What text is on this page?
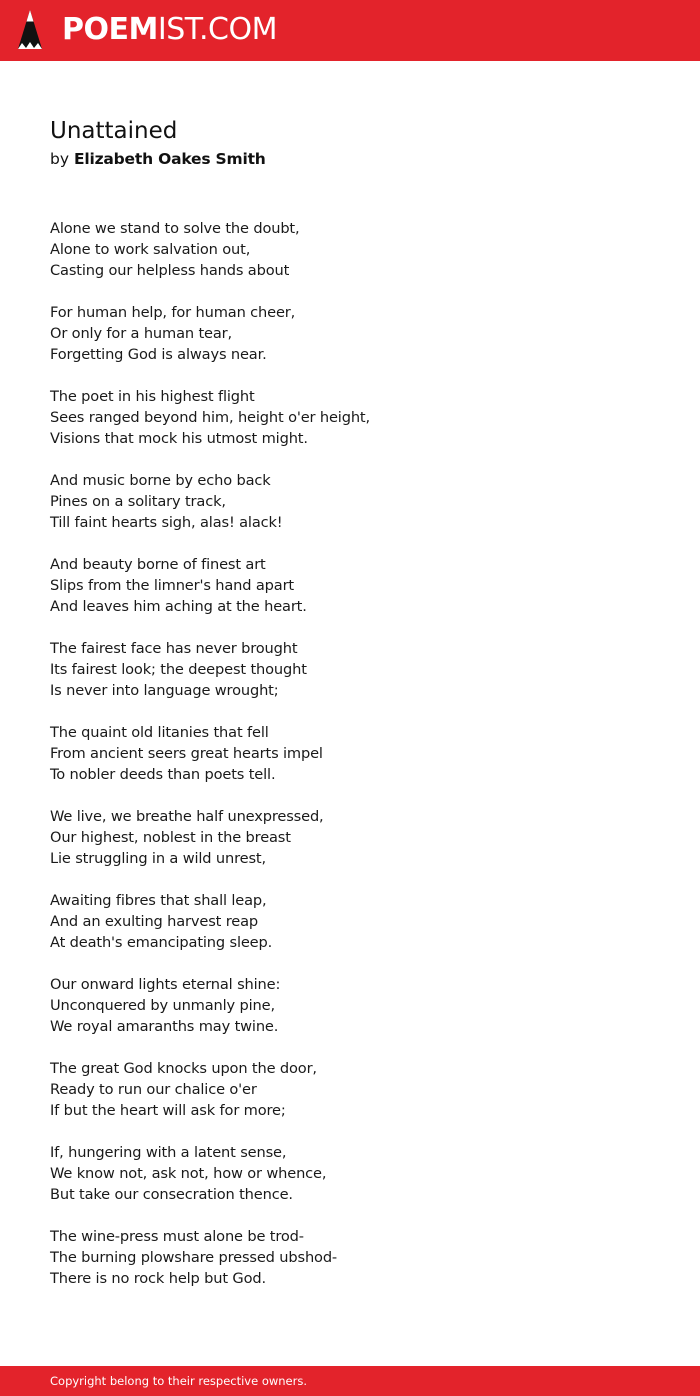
POEMIST.COM
Unattained
by Elizabeth Oakes Smith
Alone we stand to solve the doubt,
Alone to work salvation out,
Casting our helpless hands about
For human help, for human cheer,
Or only for a human tear,
Forgetting God is always near.
The poet in his highest flight
Sees ranged beyond him, height o'er height,
Visions that mock his utmost might.
And music borne by echo back
Pines on a solitary track,
Till faint hearts sigh, alas! alack!
And beauty borne of finest art
Slips from the limner's hand apart
And leaves him aching at the heart.
The fairest face has never brought
Its fairest look; the deepest thought
Is never into language wrought;
The quaint old litanies that fell
From ancient seers great hearts impel
To nobler deeds than poets tell.
We live, we breathe half unexpressed,
Our highest, noblest in the breast
Lie struggling in a wild unrest,
Awaiting fibres that shall leap,
And an exulting harvest reap
At death's emancipating sleep.
Our onward lights eternal shine:
Unconquered by unmanly pine,
We royal amaranths may twine.
The great God knocks upon the door,
Ready to run our chalice o'er
If but the heart will ask for more;
If, hungering with a latent sense,
We know not, ask not, how or whence,
But take our consecration thence.
The wine-press must alone be trod-
The burning plowshare pressed ubshod-
There is no rock help but God.
Copyright belong to their respective owners.
